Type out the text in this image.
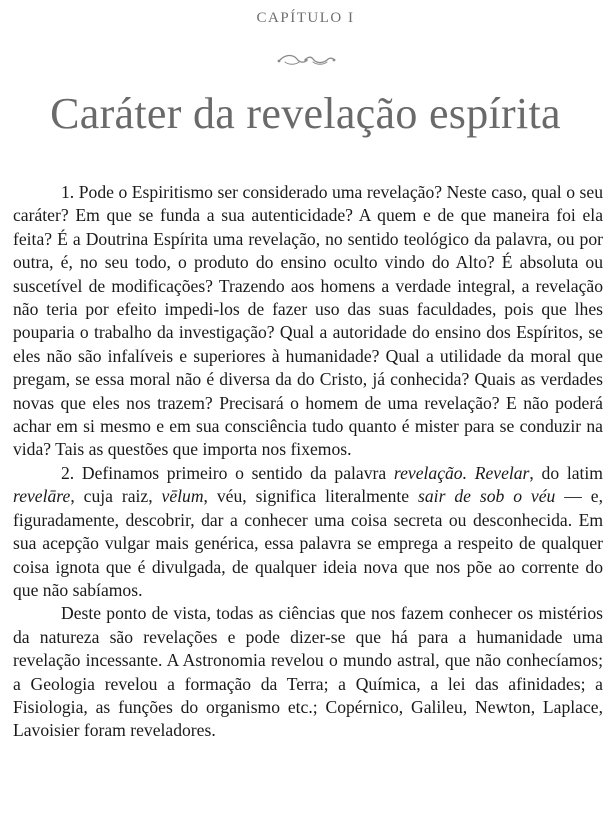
CAPÍTULO I
Caráter da revelação espírita

1. Pode o Espiritismo ser considerado uma revelação? Neste caso, qual o seu caráter? Em que se funda a sua autenticidade? A quem e de que maneira foi ela feita? É a Doutrina Espírita uma revelação, no sentido teológico da palavra, ou por outra, é, no seu todo, o produto do ensino oculto vindo do Alto? É absoluta ou suscetível de modificações? Trazendo aos homens a verdade integral, a revelação não teria por efeito impedi-los de fazer uso das suas faculdades, pois que lhes pouparia o trabalho da investigação? Qual a autoridade do ensino dos Espíritos, se eles não são infalíveis e superiores à humanidade? Qual a utilidade da moral que pregam, se essa moral não é diversa da do Cristo, já conhecida? Quais as verdades novas que eles nos trazem? Precisará o homem de uma revelação? E não poderá achar em si mesmo e em sua consciência tudo quanto é mister para se conduzir na vida? Tais as questões que importa nos fixemos.

2. Definamos primeiro o sentido da palavra revelação. Revelar, do latim revelāre, cuja raiz, vēlum, véu, significa literalmente sair de sob o véu — e, figuradamente, descobrir, dar a conhecer uma coisa secreta ou desconhecida. Em sua acepção vulgar mais genérica, essa palavra se emprega a respeito de qualquer coisa ignota que é divulgada, de qualquer ideia nova que nos põe ao corrente do que não sabíamos.

Deste ponto de vista, todas as ciências que nos fazem conhecer os mistérios da natureza são revelações e pode dizer-se que há para a humanidade uma revelação incessante. A Astronomia revelou o mundo astral, que não conhecíamos; a Geologia revelou a formação da Terra; a Química, a lei das afinidades; a Fisiologia, as funções do organismo etc.; Copérnico, Galileu, Newton, Laplace, Lavoisier foram reveladores.
